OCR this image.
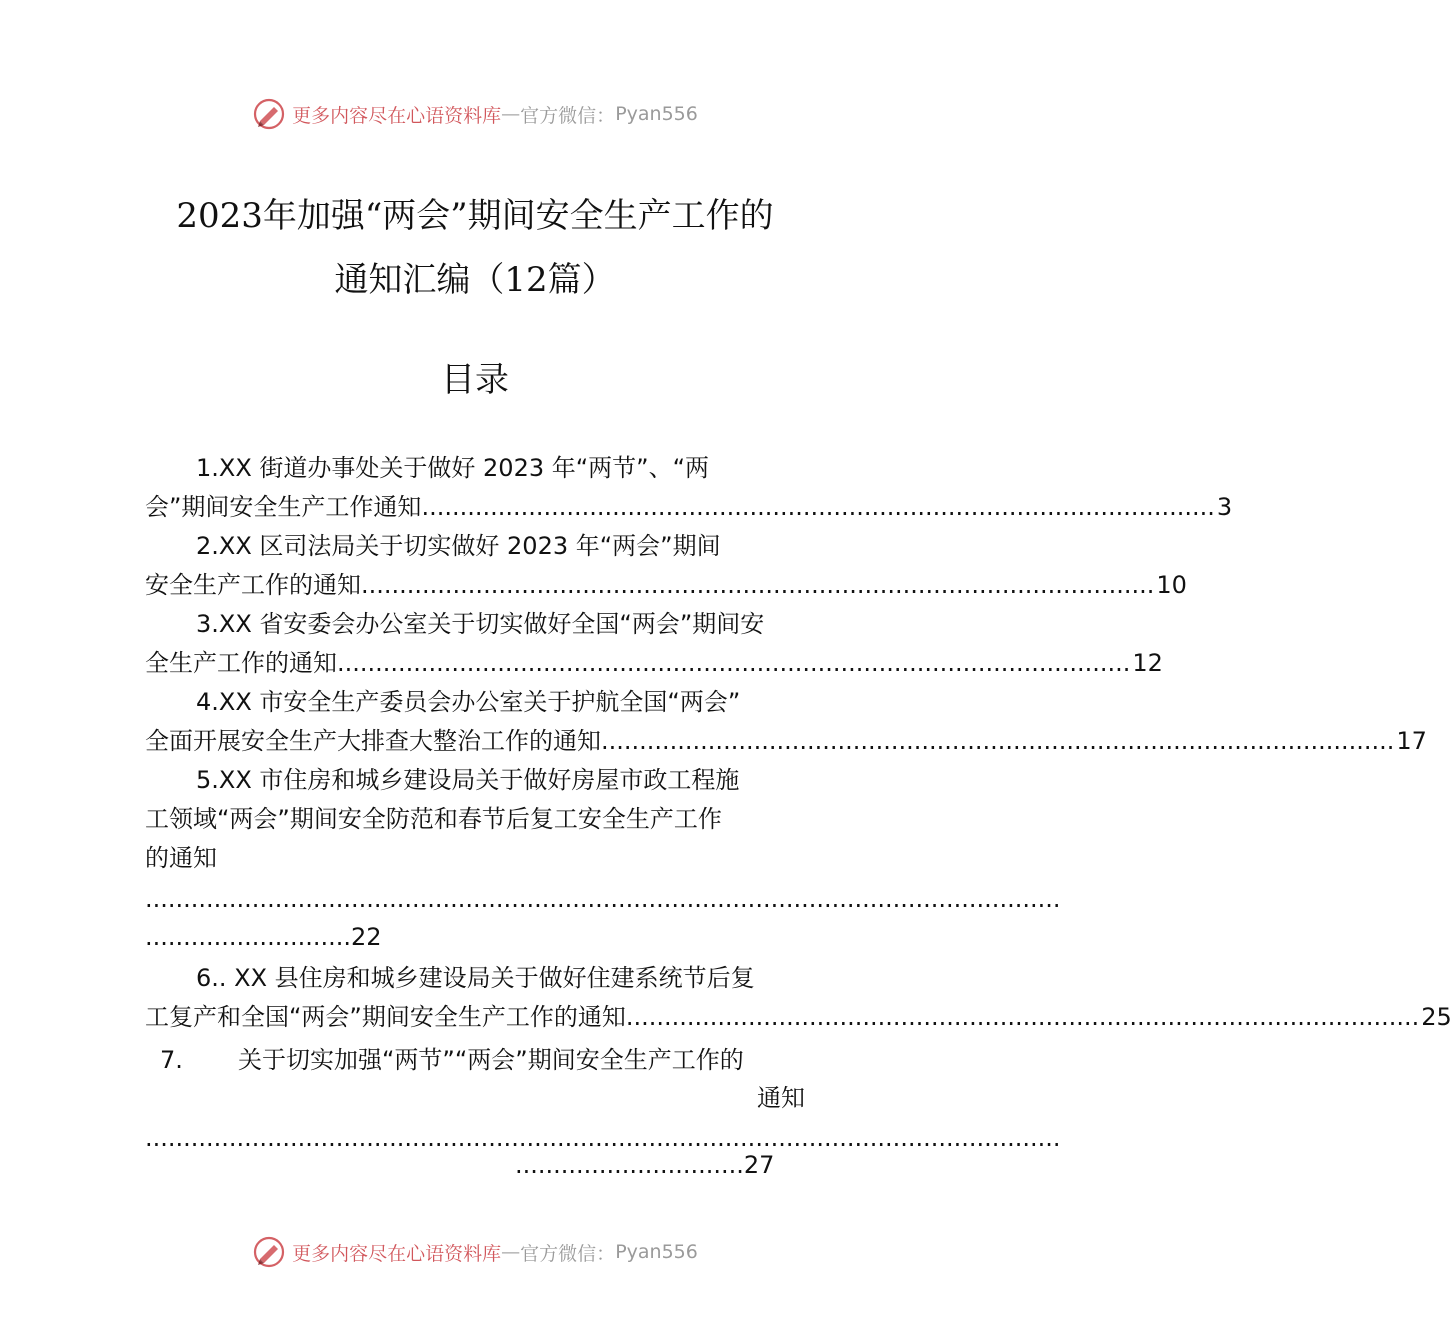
更多内容尽在心语资料库 — 官方微信： Pyan556
2023年加强“两会”期间安全生产工作的
通知汇编（12篇）
目录
1.XX 街道办事处关于做好 2023 年“两节”、“两
会”期间安全生产工作通知 ........................................................................................................ 3
2.XX 区司法局关于切实做好 2023 年“两会”期间
安全生产工作的通知 ........................................................................................................ 10
3.XX 省安委会办公室关于切实做好全国“两会”期间安
全生产工作的通知 ........................................................................................................ 12
4.XX 市安全生产委员会办公室关于护航全国“两会”
全面开展安全生产大排查大整治工作的通知 ........................................................................................................ 17
5.XX 市住房和城乡建设局关于做好房屋市政工程施
工领域“两会”期间安全防范和春节后复工安全生产工作
的通知
........................................................................................................................
........................... 22
6.. XX 县住房和城乡建设局关于做好住建系统节后复
工复产和全国“两会”期间安全生产工作的通知 ........................................................................................................ 25
7. 关于切实加强“两节”“两会”期间安全生产工作的
通知
........................................................................................................................
.............................. 27
更多内容尽在心语资料库 — 官方微信： Pyan556
